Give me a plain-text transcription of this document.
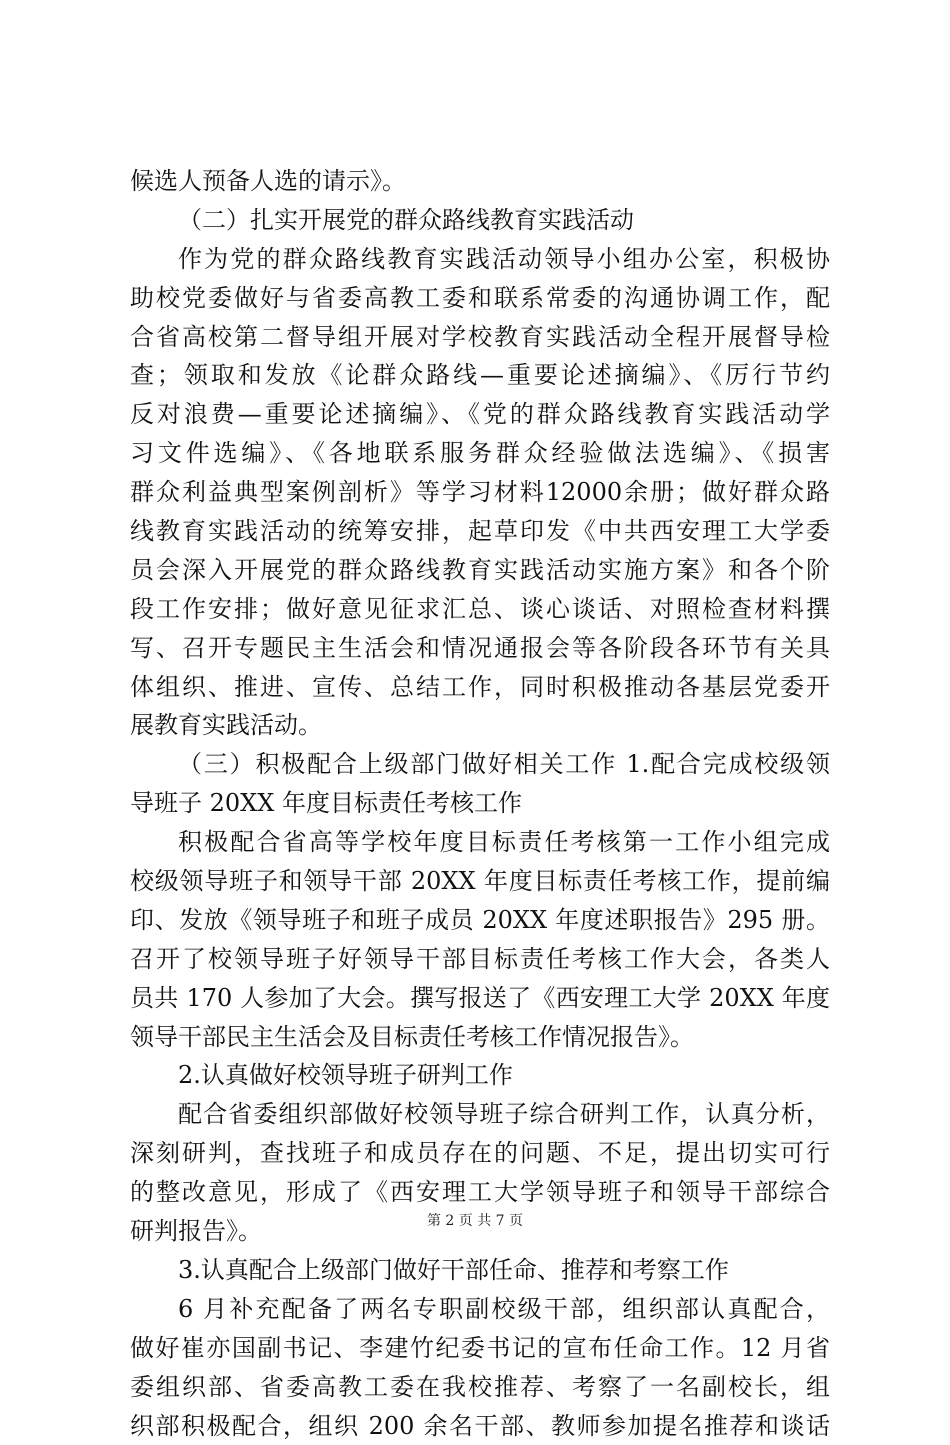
候选人预备人选的请示》。
（二）扎实开展党的群众路线教育实践活动
作为党的群众路线教育实践活动领导小组办公室，积极协
助校党委做好与省委高教工委和联系常委的沟通协调工作，配
合省高校第二督导组开展对学校教育实践活动全程开展督导检
查；领取和发放《论群众路线—重要论述摘编》、《厉行节约
反对浪费—重要论述摘编》、《党的群众路线教育实践活动学
习文件选编》、《各地联系服务群众经验做法选编》、《损害
群众利益典型案例剖析》等学习材料12000余册；做好群众路
线教育实践活动的统筹安排，起草印发《中共西安理工大学委
员会深入开展党的群众路线教育实践活动实施方案》和各个阶
段工作安排；做好意见征求汇总、谈心谈话、对照检查材料撰
写、召开专题民主生活会和情况通报会等各阶段各环节有关具
体组织、推进、宣传、总结工作，同时积极推动各基层党委开
展教育实践活动。
（三）积极配合上级部门做好相关工作 1.配合完成校级领
导班子 20XX 年度目标责任考核工作
积极配合省高等学校年度目标责任考核第一工作小组完成
校级领导班子和领导干部 20XX 年度目标责任考核工作，提前编
印、发放《领导班子和班子成员 20XX 年度述职报告》295 册。
召开了校领导班子好领导干部目标责任考核工作大会，各类人
员共 170 人参加了大会。撰写报送了《西安理工大学 20XX 年度
领导干部民主生活会及目标责任考核工作情况报告》。
2.认真做好校领导班子研判工作
配合省委组织部做好校领导班子综合研判工作，认真分析，
深刻研判，查找班子和成员存在的问题、不足，提出切实可行
的整改意见，形成了《西安理工大学领导班子和领导干部综合
研判报告》。
3.认真配合上级部门做好干部任命、推荐和考察工作
6 月补充配备了两名专职副校级干部，组织部认真配合，
做好崔亦国副书记、李建竹纪委书记的宣布任命工作。12 月省
委组织部、省委高教工委在我校推荐、考察了一名副校长，组
织部积极配合，组织 200 余名干部、教师参加提名推荐和谈话
第 2 页 共 7 页
